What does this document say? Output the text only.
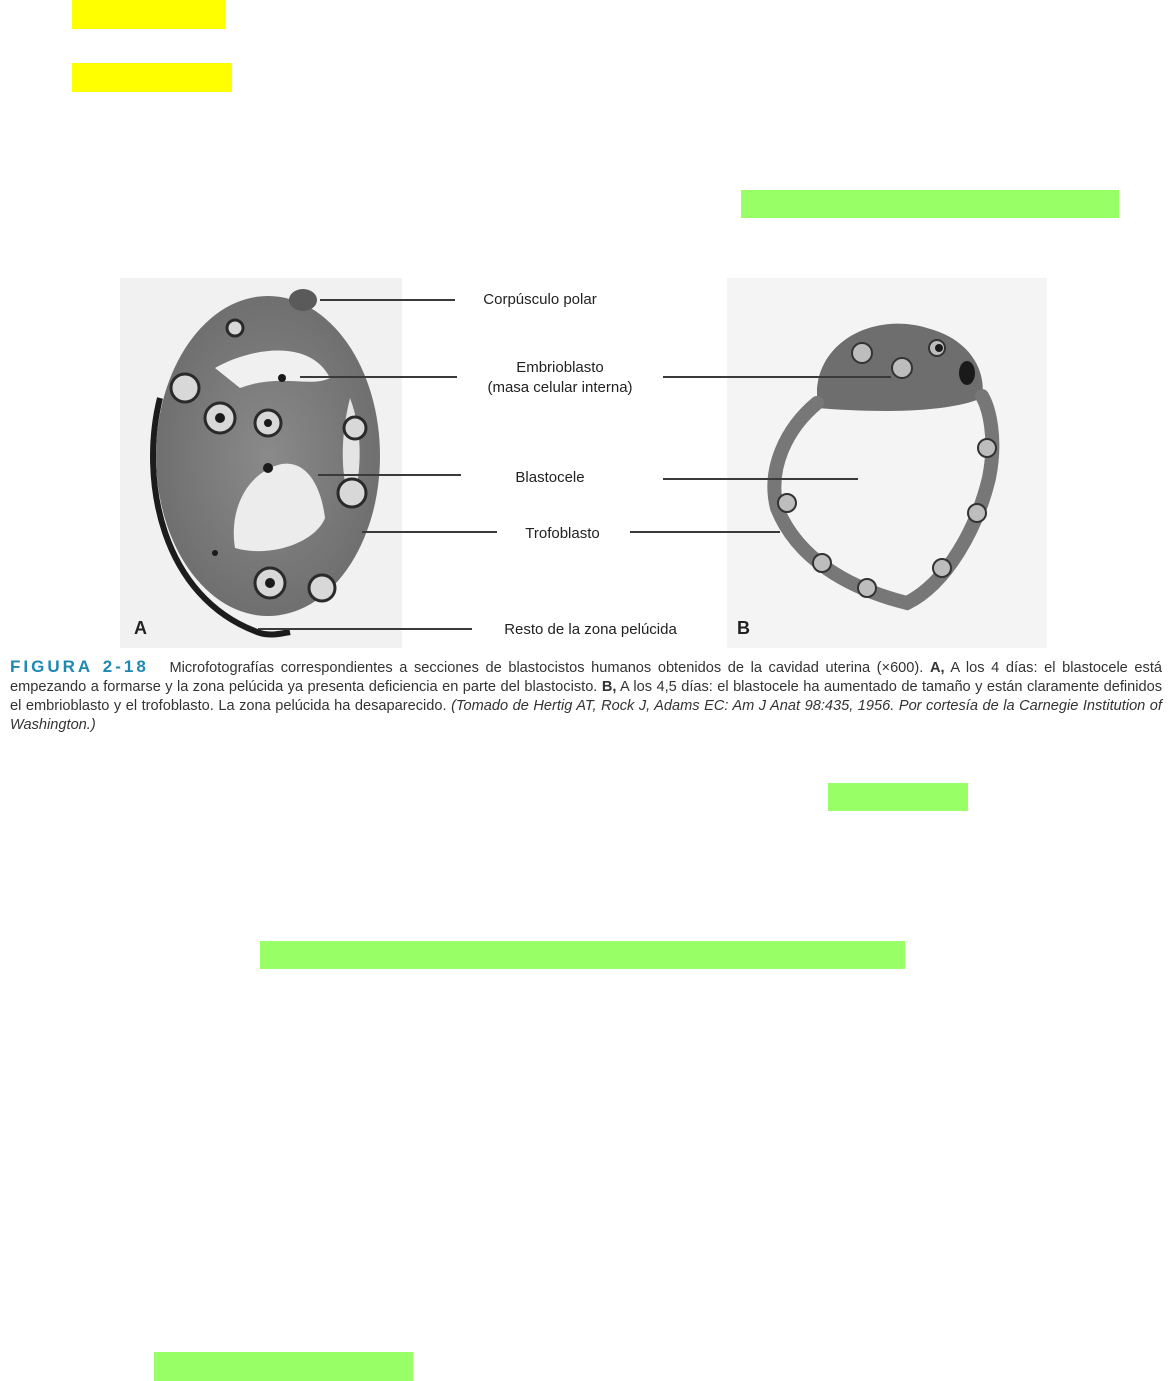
A	B
Corpúsculo polar
Embrioblasto
(masa celular interna)
Blastocele
Trofoblasto
Resto de la zona pelúcida
FIGURA 2-18 Microfotografías correspondientes a secciones de blastocistos humanos obtenidos de la cavidad uterina (×600). A, A los 4 días: el blastocele está empezando a formarse y la zona pelúcida ya presenta deficiencia en parte del blastocisto. B, A los 4,5 días: el blastocele ha aumentado de tamaño y están claramente definidos el embrioblasto y el trofoblasto. La zona pelúcida ha desaparecido. (Tomado de Hertig AT, Rock J, Adams EC: Am J Anat 98:435, 1956. Por cortesía de la Carnegie Institution of Washington.)
